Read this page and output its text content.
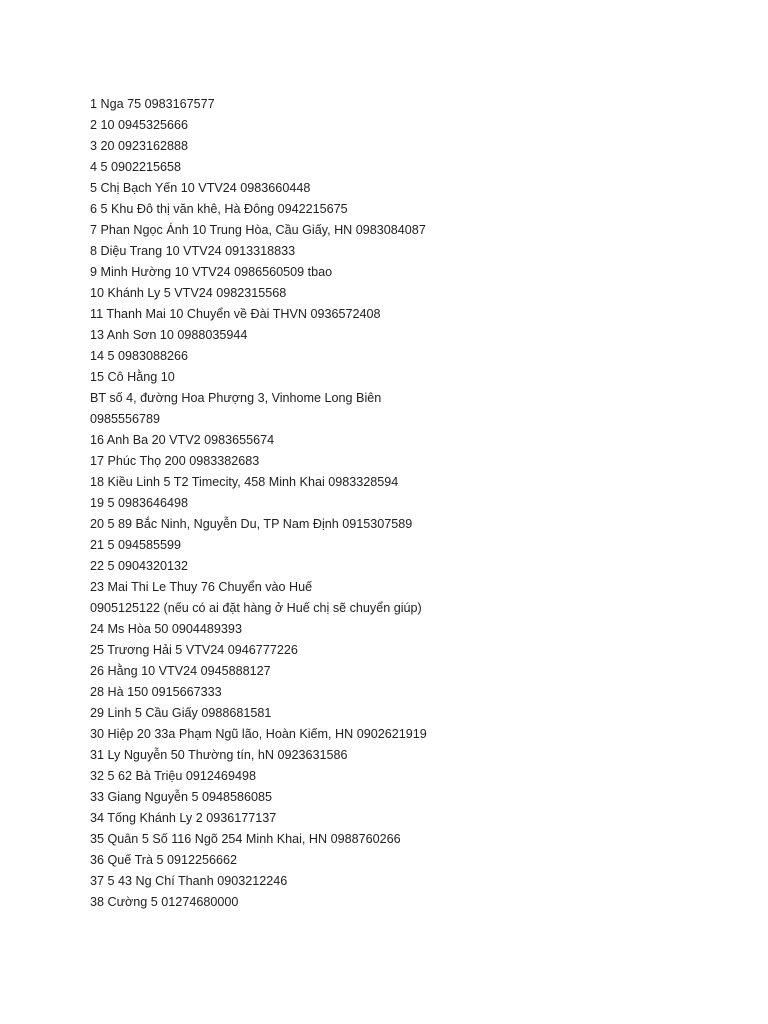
1 Nga 75 0983167577
2 10 0945325666
3 20 0923162888
4 5 0902215658
5 Chị Bạch Yến 10 VTV24 0983660448
6 5 Khu Đô thị văn khê, Hà Đông 0942215675
7 Phan Ngọc Ánh 10 Trung Hòa, Cầu Giấy, HN 0983084087
8 Diệu Trang 10 VTV24 0913318833
9 Minh Hường 10 VTV24 0986560509 tbao
10 Khánh Ly 5 VTV24 0982315568
11 Thanh Mai 10 Chuyển về Đài THVN 0936572408
13 Anh Sơn 10 0988035944
14 5 0983088266
15 Cô Hằng 10
BT số 4, đường Hoa Phượng 3, Vinhome Long Biên
0985556789
16 Anh Ba 20 VTV2 0983655674
17 Phúc Thọ 200 0983382683
18 Kiều Linh 5 T2 Timecity, 458 Minh Khai 0983328594
19 5 0983646498
20 5 89 Bắc Ninh, Nguyễn Du, TP Nam Định 0915307589
21 5 094585599
22 5 0904320132
23 Mai Thi Le Thuy 76 Chuyển vào Huế
0905125122 (nếu có ai đặt hàng ở Huế chị sẽ chuyển giúp)
24 Ms Hòa 50 0904489393
25 Trương Hải 5 VTV24 0946777226
26 Hằng 10 VTV24 0945888127
28 Hà 150 0915667333
29 Linh 5 Cầu Giấy 0988681581
30 Hiệp 20 33a Phạm Ngũ lão, Hoàn Kiếm, HN 0902621919
31 Ly Nguyễn 50 Thường tín, hN 0923631586
32 5 62 Bà Triệu 0912469498
33 Giang Nguyễn 5 0948586085
34 Tống Khánh Ly 2 0936177137
35 Quân 5 Số 116 Ngõ 254 Minh Khai, HN 0988760266
36 Quế Trà 5 0912256662
37 5 43 Ng Chí Thanh 0903212246
38 Cường 5 01274680000
